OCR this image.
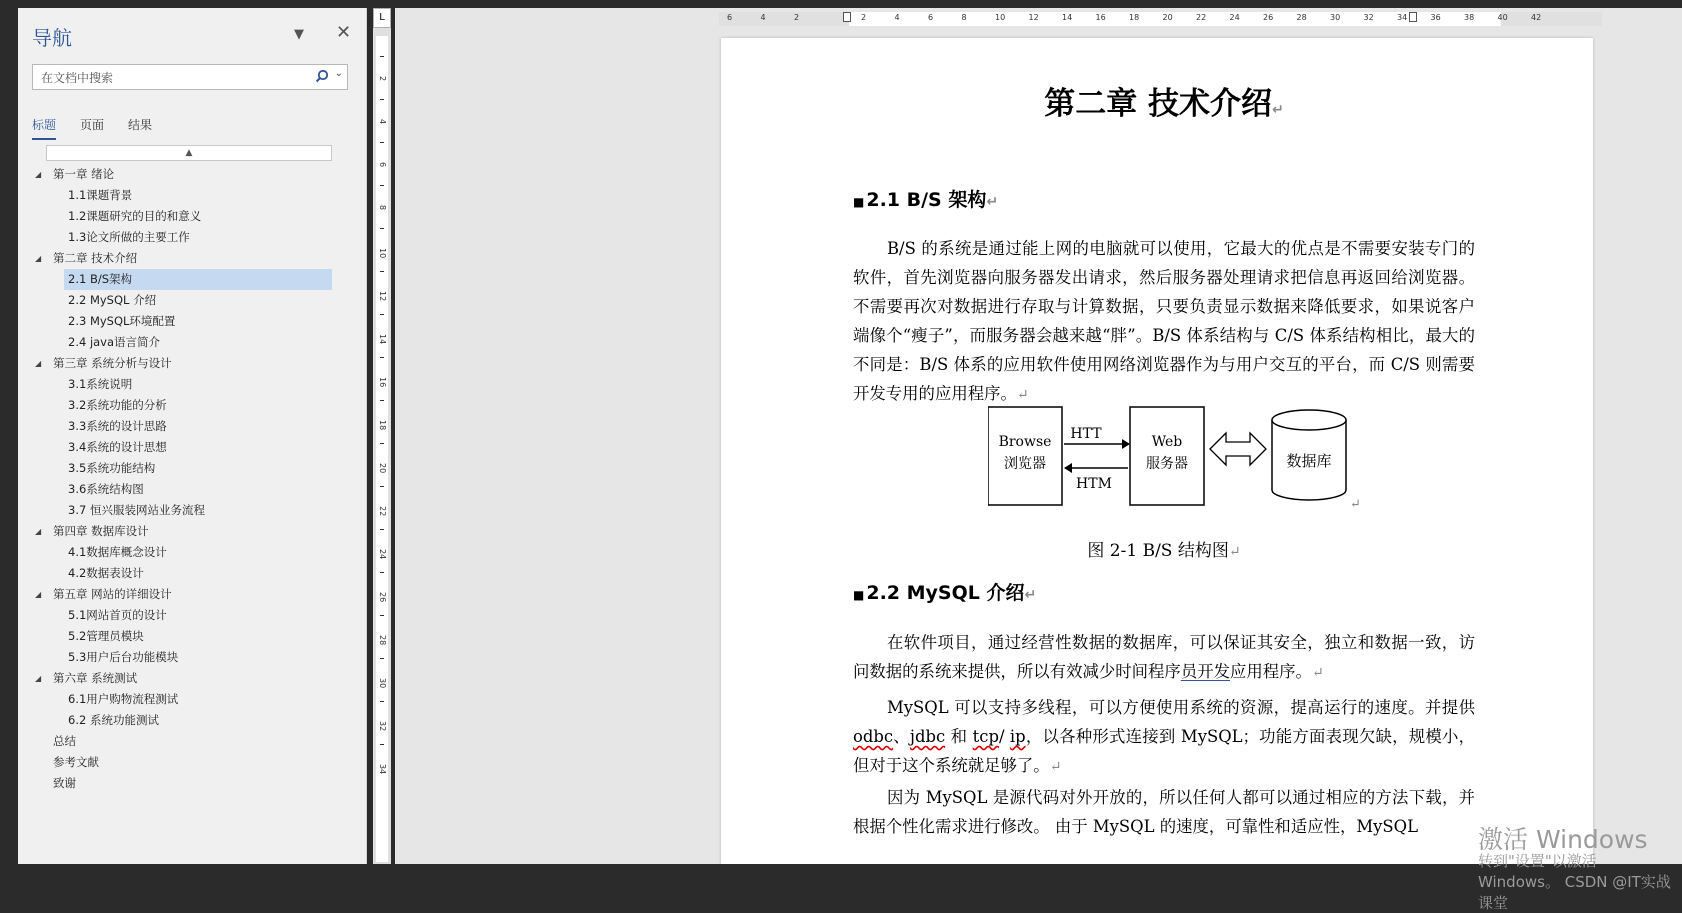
导航	▼ ✕
在文档中搜索
⌄
标题 页面 结果
▲
◢ 第一章 绪论
1.1课题背景
1.2课题研究的目的和意义
1.3论文所做的主要工作
◢ 第二章 技术介绍
2.1 B/S架构
2.2 MySQL 介绍
2.3 MySQL环境配置
2.4 java语言简介
◢ 第三章 系统分析与设计
3.1系统说明
3.2系统功能的分析
3.3系统的设计思路
3.4系统的设计思想
3.5系统功能结构
3.6系统结构图
3.7 恒兴服装网站业务流程
◢ 第四章 数据库设计
4.1数据库概念设计
4.2数据表设计
◢ 第五章 网站的详细设计
5.1网站首页的设计
5.2管理员模块
5.3用户后台功能模块
◢ 第六章 系统测试
6.1用户购物流程测试
6.2 系统功能测试
总结
参考文献
致谢
L
2
4
6
8
10
12
14
16
18
20
22
24
26
28
30
32
34
6	4	2	2	4	6	8	10	12	14	16	18	20	22	24	26	28	30	32	34	36	38	40	42
第二章 技术介绍↵
■ 2.1 B/S 架构↵
B/S 的系统是通过能上网的电脑就可以使用，它最大的优点是不需要安装专门的软件，首先浏览器向服务器发出请求，然后服务器处理请求把信息再返回给浏览器。不需要再次对数据进行存取与计算数据，只要负责显示数据来降低要求，如果说客户端像个“瘦子”，而服务器会越来越“胖”。B/S 体系结构与 C/S 体系结构相比，最大的不同是：B/S 体系的应用软件使用网络浏览器作为与用户交互的平台，而 C/S 则需要开发专用的应用程序。↵
Browse
浏览器
HTT
HTM
Web
服务器	数据库
↵
图 2-1 B/S 结构图↵
■ 2.2 MySQL 介绍↵
在软件项目，通过经营性数据的数据库，可以保证其安全，独立和数据一致，访问数据的系统来提供，所以有效减少时间程序员开发应用程序。↵
MySQL 可以支持多线程，可以方便使用系统的资源，提高运行的速度。并提供 odbc、jdbc 和 tcp/ ip，以各种形式连接到 MySQL；功能方面表现欠缺，规模小，但对于这个系统就足够了。↵
因为 MySQL 是源代码对外开放的，所以任何人都可以通过相应的方法下载，并根据个性化需求进行修改。 由于 MySQL 的速度，可靠性和适应性，MySQL	激活 Windows
转到"设置"以激活 Windows。 CSDN @IT实战课堂
